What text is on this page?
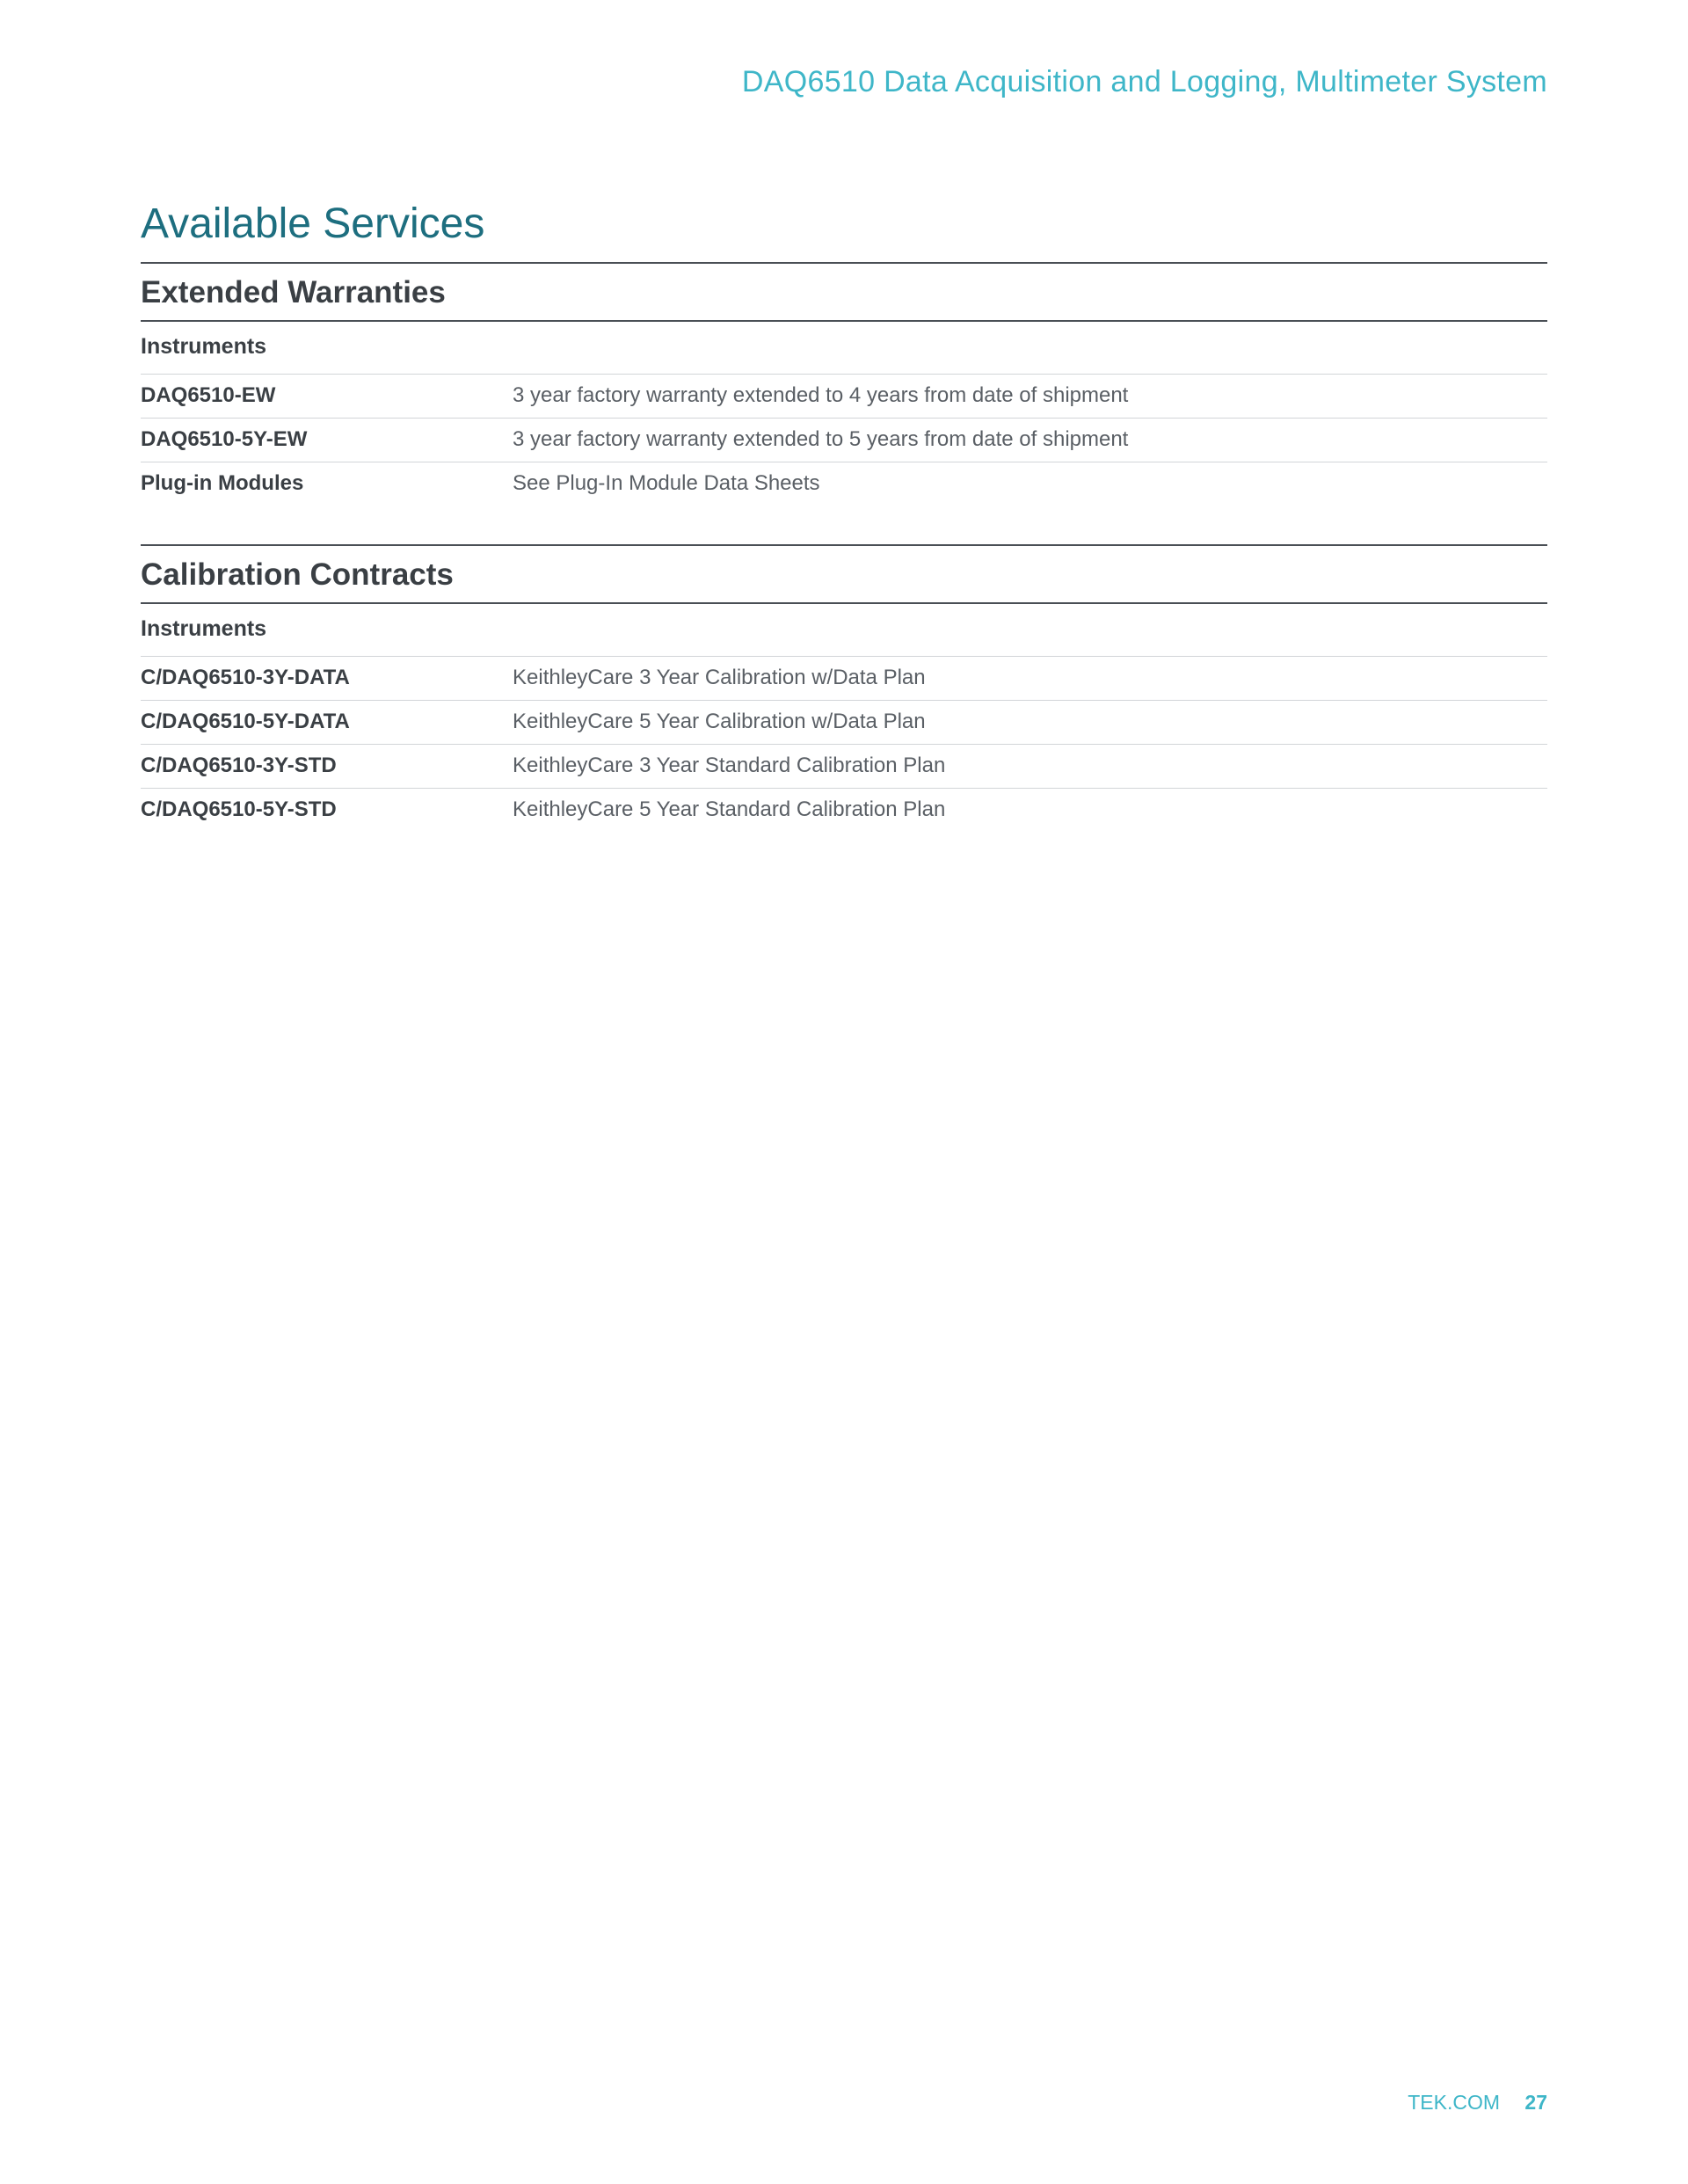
DAQ6510 Data Acquisition and Logging, Multimeter System
Available Services
Extended Warranties
Instruments
DAQ6510-EW	3 year factory warranty extended to 4 years from date of shipment
DAQ6510-5Y-EW	3 year factory warranty extended to 5 years from date of shipment
Plug-in Modules	See Plug-In Module Data Sheets
Calibration Contracts
Instruments
C/DAQ6510-3Y-DATA	KeithleyCare 3 Year Calibration w/Data Plan
C/DAQ6510-5Y-DATA	KeithleyCare 5 Year Calibration w/Data Plan
C/DAQ6510-3Y-STD	KeithleyCare 3 Year Standard Calibration Plan
C/DAQ6510-5Y-STD	KeithleyCare 5 Year Standard Calibration Plan
TEK.COM 27
